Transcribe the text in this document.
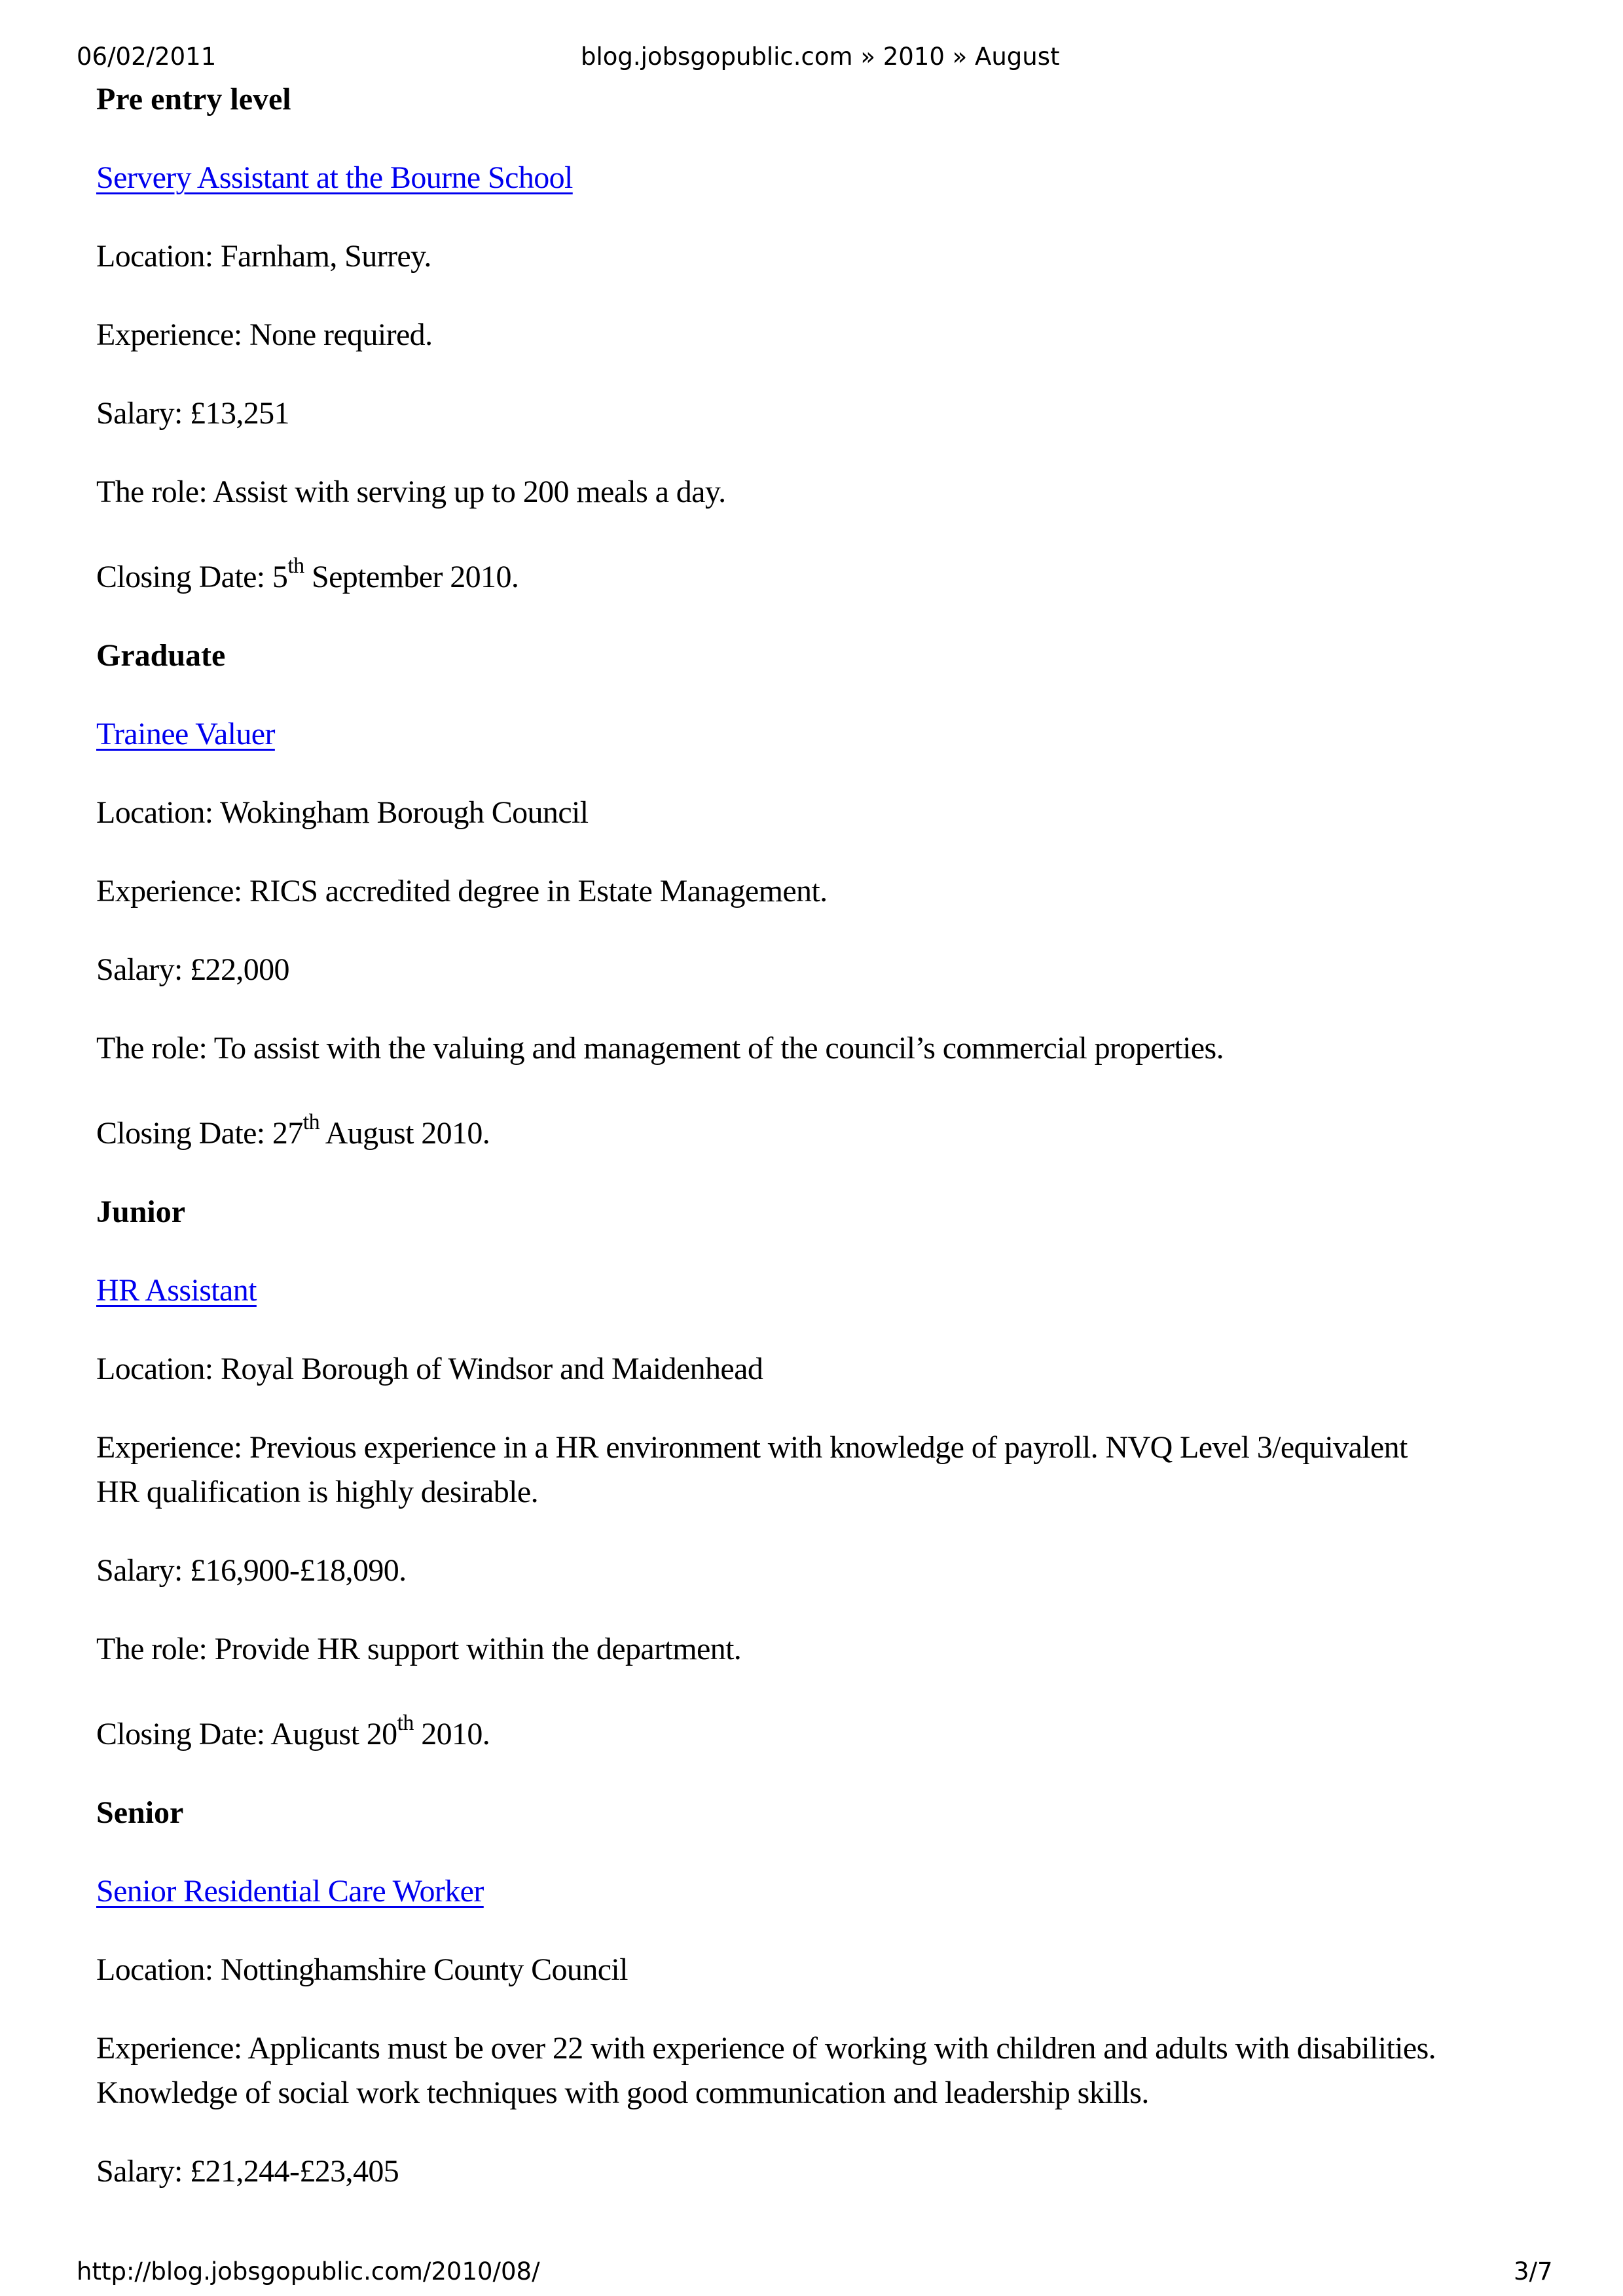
06/02/2011	blog.jobsgopublic.com » 2010 » August
Pre entry level
Servery Assistant at the Bourne School
Location: Farnham, Surrey.
Experience: None required.
Salary: £13,251
The role: Assist with serving up to 200 meals a day.
Closing Date: 5th September 2010.
Graduate
Trainee Valuer
Location: Wokingham Borough Council
Experience: RICS accredited degree in Estate Management.
Salary: £22,000
The role: To assist with the valuing and management of the council’s commercial properties.
Closing Date: 27th August 2010.
Junior
HR Assistant
Location: Royal Borough of Windsor and Maidenhead
Experience: Previous experience in a HR environment with knowledge of payroll. NVQ Level 3/equivalent
HR qualification is highly desirable.
Salary: £16,900-£18,090.
The role: Provide HR support within the department.
Closing Date: August 20th 2010.
Senior
Senior Residential Care Worker
Location: Nottinghamshire County Council
Experience: Applicants must be over 22 with experience of working with children and adults with disabilities.
Knowledge of social work techniques with good communication and leadership skills.
Salary: £21,244-£23,405
http://blog.jobsgopublic.com/2010/08/	3/7
